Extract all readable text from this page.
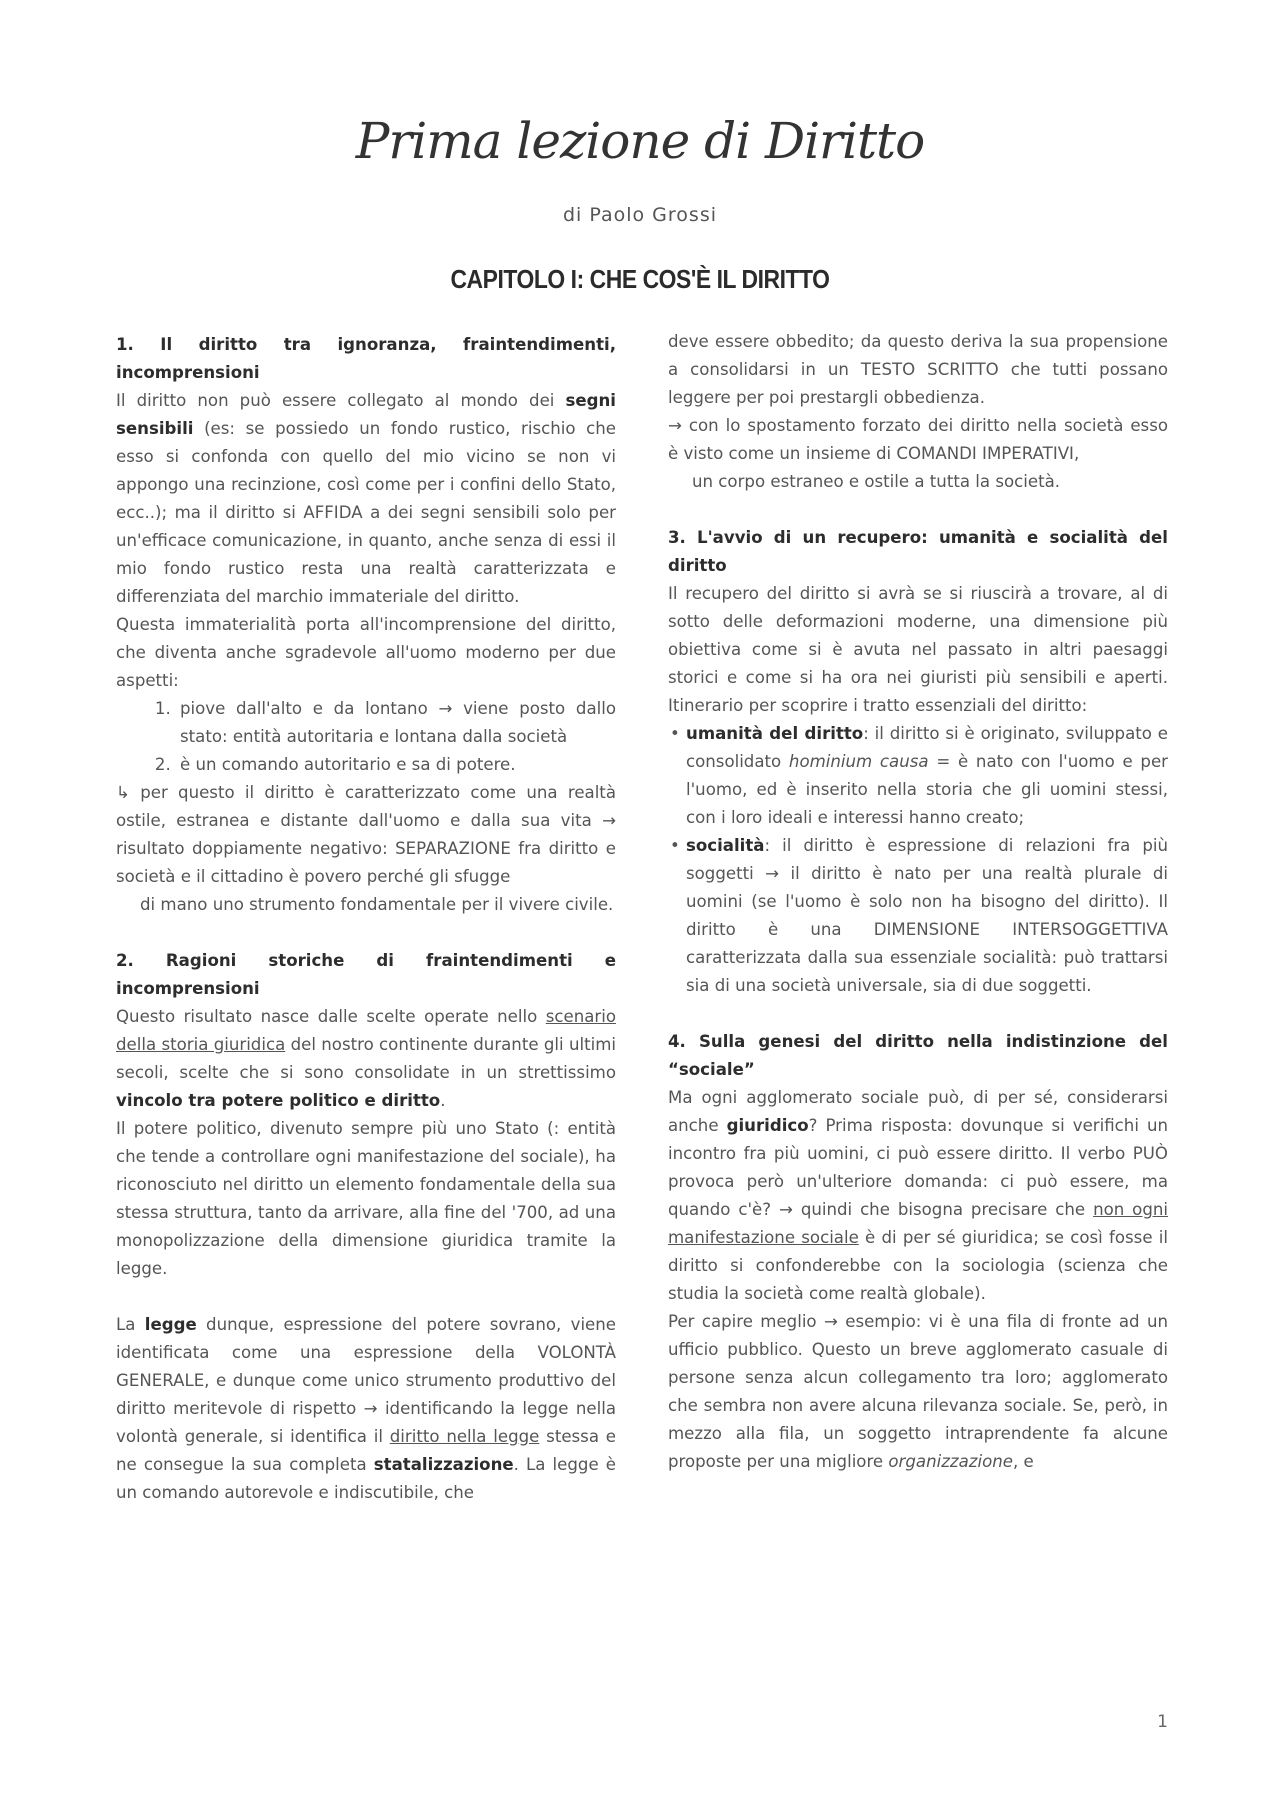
Prima lezione di Diritto
di Paolo Grossi
CAPITOLO I: CHE COS'È IL DIRITTO

1. Il diritto tra ignoranza, fraintendimenti, incomprensioni

Il diritto non può essere collegato al mondo dei segni sensibili (es: se possiedo un fondo rustico, rischio che esso si confonda con quello del mio vicino se non vi appongo una recinzione, così come per i confini dello Stato, ecc..); ma il diritto si AFFIDA a dei segni sensibili solo per un'efficace comunicazione, in quanto, anche senza di essi il mio fondo rustico resta una realtà caratterizzata e differenziata del marchio immateriale del diritto.

Questa immaterialità porta all'incomprensione del diritto, che diventa anche sgradevole all'uomo moderno per due aspetti:

1. piove dall'alto e da lontano → viene posto dallo stato: entità autoritaria e lontana dalla società
2. è un comando autoritario e sa di potere.

↳ per questo il diritto è caratterizzato come una realtà ostile, estranea e distante dall'uomo e dalla sua vita → risultato doppiamente negativo: SEPARAZIONE fra diritto e società e il cittadino è povero perché gli sfugge

di mano uno strumento fondamentale per il vivere civile.

2. Ragioni storiche di fraintendimenti e incomprensioni

Questo risultato nasce dalle scelte operate nello scenario della storia giuridica del nostro continente durante gli ultimi secoli, scelte che si sono consolidate in un strettissimo vincolo tra potere politico e diritto.

Il potere politico, divenuto sempre più uno Stato (: entità che tende a controllare ogni manifestazione del sociale), ha riconosciuto nel diritto un elemento fondamentale della sua stessa struttura, tanto da arrivare, alla fine del '700, ad una monopolizzazione della dimensione giuridica tramite la legge.

La legge dunque, espressione del potere sovrano, viene identificata come una espressione della VOLONTÀ GENERALE, e dunque come unico strumento produttivo del diritto meritevole di rispetto → identificando la legge nella volontà generale, si identifica il diritto nella legge stessa e ne consegue la sua completa statalizzazione. La legge è un comando autorevole e indiscutibile, che

deve essere obbedito; da questo deriva la sua propensione a consolidarsi in un TESTO SCRITTO che tutti possano leggere per poi prestargli obbedienza.

→ con lo spostamento forzato dei diritto nella società esso è visto come un insieme di COMANDI IMPERATIVI,

un corpo estraneo e ostile a tutta la società.

3. L'avvio di un recupero: umanità e socialità del diritto

Il recupero del diritto si avrà se si riuscirà a trovare, al di sotto delle deformazioni moderne, una dimensione più obiettiva come si è avuta nel passato in altri paesaggi storici e come si ha ora nei giuristi più sensibili e aperti. Itinerario per scoprire i tratto essenziali del diritto:

• umanità del diritto: il diritto si è originato, sviluppato e consolidato hominium causa = è nato con l'uomo e per l'uomo, ed è inserito nella storia che gli uomini stessi, con i loro ideali e interessi hanno creato;
• socialità: il diritto è espressione di relazioni fra più soggetti → il diritto è nato per una realtà plurale di uomini (se l'uomo è solo non ha bisogno del diritto). Il diritto è una DIMENSIONE INTERSOGGETTIVA caratterizzata dalla sua essenziale socialità: può trattarsi sia di una società universale, sia di due soggetti.

4. Sulla genesi del diritto nella indistinzione del “sociale”

Ma ogni agglomerato sociale può, di per sé, considerarsi anche giuridico? Prima risposta: dovunque si verifichi un incontro fra più uomini, ci può essere diritto. Il verbo PUÒ provoca però un'ulteriore domanda: ci può essere, ma quando c'è? → quindi che bisogna precisare che non ogni manifestazione sociale è di per sé giuridica; se così fosse il diritto si confonderebbe con la sociologia (scienza che studia la società come realtà globale).

Per capire meglio → esempio: vi è una fila di fronte ad un ufficio pubblico. Questo un breve agglomerato casuale di persone senza alcun collegamento tra loro; agglomerato che sembra non avere alcuna rilevanza sociale. Se, però, in mezzo alla fila, un soggetto intraprendente fa alcune proposte per una migliore organizzazione, e

1
